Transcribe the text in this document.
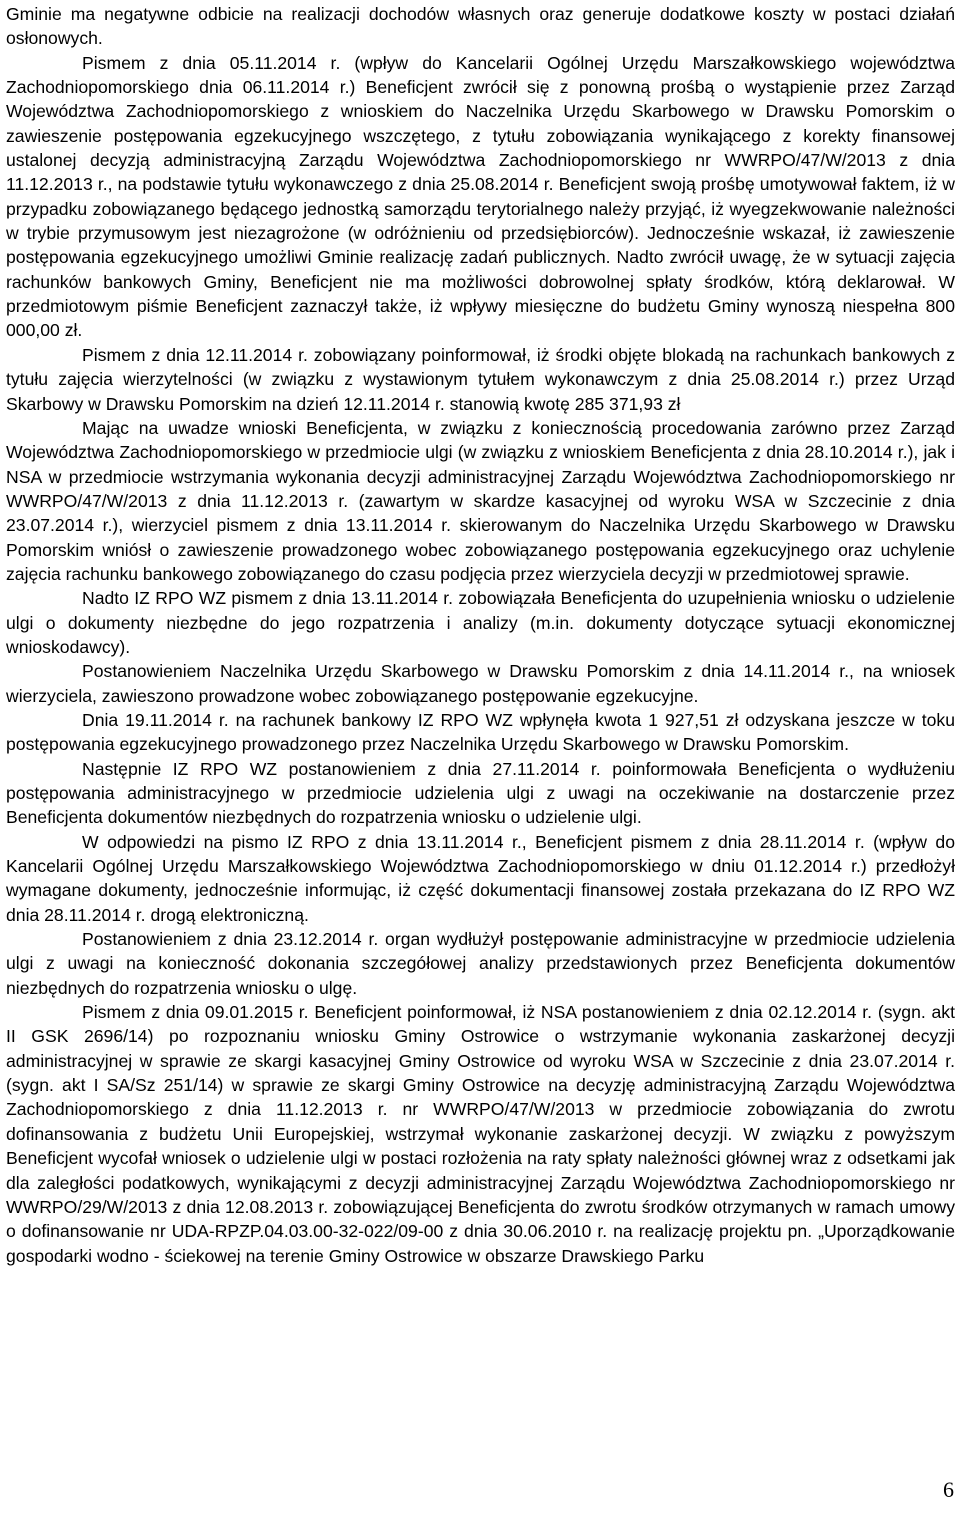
Gminie ma negatywne odbicie na realizacji dochodów własnych oraz generuje dodatkowe koszty w postaci działań osłonowych.

Pismem z dnia 05.11.2014 r. (wpływ do Kancelarii Ogólnej Urzędu Marszałkowskiego województwa Zachodniopomorskiego dnia 06.11.2014 r.) Beneficjent zwrócił się z ponowną prośbą o wystąpienie przez Zarząd Województwa Zachodniopomorskiego z wnioskiem do Naczelnika Urzędu Skarbowego w Drawsku Pomorskim o zawieszenie postępowania egzekucyjnego wszczętego, z tytułu zobowiązania wynikającego z korekty finansowej ustalonej decyzją administracyjną Zarządu Województwa Zachodniopomorskiego nr WWRPO/47/W/2013 z dnia 11.12.2013 r., na podstawie tytułu wykonawczego z dnia 25.08.2014 r. Beneficjent swoją prośbę umotywował faktem, iż w przypadku zobowiązanego będącego jednostką samorządu terytorialnego należy przyjąć, iż wyegzekwowanie należności w trybie przymusowym jest niezagrożone (w odróżnieniu od przedsiębiorców). Jednocześnie wskazał, iż zawieszenie postępowania egzekucyjnego umożliwi Gminie realizację zadań publicznych. Nadto zwrócił uwagę, że w sytuacji zajęcia rachunków bankowych Gminy, Beneficjent nie ma możliwości dobrowolnej spłaty środków, którą deklarował. W przedmiotowym piśmie Beneficjent zaznaczył także, iż wpływy miesięczne do budżetu Gminy wynoszą niespełna 800 000,00 zł.

Pismem z dnia 12.11.2014 r. zobowiązany poinformował, iż środki objęte blokadą na rachunkach bankowych z tytułu zajęcia wierzytelności (w związku z wystawionym tytułem wykonawczym z dnia 25.08.2014 r.) przez Urząd Skarbowy w Drawsku Pomorskim na dzień 12.11.2014 r. stanowią kwotę 285 371,93 zł

Mając na uwadze wnioski Beneficjenta, w związku z koniecznością procedowania zarówno przez Zarząd Województwa Zachodniopomorskiego w przedmiocie ulgi (w związku z wnioskiem Beneficjenta z dnia 28.10.2014 r.), jak i NSA w przedmiocie wstrzymania wykonania decyzji administracyjnej Zarządu Województwa Zachodniopomorskiego nr WWRPO/47/W/2013 z dnia 11.12.2013 r. (zawartym w skardze kasacyjnej od wyroku WSA w Szczecinie z dnia 23.07.2014 r.), wierzyciel pismem z dnia 13.11.2014 r. skierowanym do Naczelnika Urzędu Skarbowego w Drawsku Pomorskim wniósł o zawieszenie prowadzonego wobec zobowiązanego postępowania egzekucyjnego oraz uchylenie zajęcia rachunku bankowego zobowiązanego do czasu podjęcia przez wierzyciela decyzji w przedmiotowej sprawie.

Nadto IZ RPO WZ pismem z dnia 13.11.2014 r. zobowiązała Beneficjenta do uzupełnienia wniosku o udzielenie ulgi o dokumenty niezbędne do jego rozpatrzenia i analizy (m.in. dokumenty dotyczące sytuacji ekonomicznej wnioskodawcy).

Postanowieniem Naczelnika Urzędu Skarbowego w Drawsku Pomorskim z dnia 14.11.2014 r., na wniosek wierzyciela, zawieszono prowadzone wobec zobowiązanego postępowanie egzekucyjne.

Dnia 19.11.2014 r. na rachunek bankowy IZ RPO WZ wpłynęła kwota 1 927,51 zł odzyskana jeszcze w toku postępowania egzekucyjnego prowadzonego przez Naczelnika Urzędu Skarbowego w Drawsku Pomorskim.

Następnie IZ RPO WZ postanowieniem z dnia 27.11.2014 r. poinformowała Beneficjenta o wydłużeniu postępowania administracyjnego w przedmiocie udzielenia ulgi z uwagi na oczekiwanie na dostarczenie przez Beneficjenta dokumentów niezbędnych do rozpatrzenia wniosku o udzielenie ulgi.

W odpowiedzi na pismo IZ RPO z dnia 13.11.2014 r., Beneficjent pismem z dnia 28.11.2014 r. (wpływ do Kancelarii Ogólnej Urzędu Marszałkowskiego Województwa Zachodniopomorskiego w dniu 01.12.2014 r.) przedłożył wymagane dokumenty, jednocześnie informując, iż część dokumentacji finansowej została przekazana do IZ RPO WZ dnia 28.11.2014 r. drogą elektroniczną.

Postanowieniem z dnia 23.12.2014 r. organ wydłużył postępowanie administracyjne w przedmiocie udzielenia ulgi z uwagi na konieczność dokonania szczegółowej analizy przedstawionych przez Beneficjenta dokumentów niezbędnych do rozpatrzenia wniosku o ulgę.

Pismem z dnia 09.01.2015 r. Beneficjent poinformował, iż NSA postanowieniem z dnia 02.12.2014 r. (sygn. akt II GSK 2696/14) po rozpoznaniu wniosku Gminy Ostrowice o wstrzymanie wykonania zaskarżonej decyzji administracyjnej w sprawie ze skargi kasacyjnej Gminy Ostrowice od wyroku WSA w Szczecinie z dnia 23.07.2014 r. (sygn. akt I SA/Sz 251/14) w sprawie ze skargi Gminy Ostrowice na decyzję administracyjną Zarządu Województwa Zachodniopomorskiego z dnia 11.12.2013 r. nr WWRPO/47/W/2013 w przedmiocie zobowiązania do zwrotu dofinansowania z budżetu Unii Europejskiej, wstrzymał wykonanie zaskarżonej decyzji. W związku z powyższym Beneficjent wycofał wniosek o udzielenie ulgi w postaci rozłożenia na raty spłaty należności głównej wraz z odsetkami jak dla zaległości podatkowych, wynikającymi z decyzji administracyjnej Zarządu Województwa Zachodniopomorskiego nr WWRPO/29/W/2013 z dnia 12.08.2013 r. zobowiązującej Beneficjenta do zwrotu środków otrzymanych w ramach umowy o dofinansowanie nr UDA-RPZP.04.03.00-32-022/09-00 z dnia 30.06.2010 r. na realizację projektu pn. „Uporządkowanie gospodarki wodno - ściekowej na terenie Gminy Ostrowice w obszarze Drawskiego Parku

6
